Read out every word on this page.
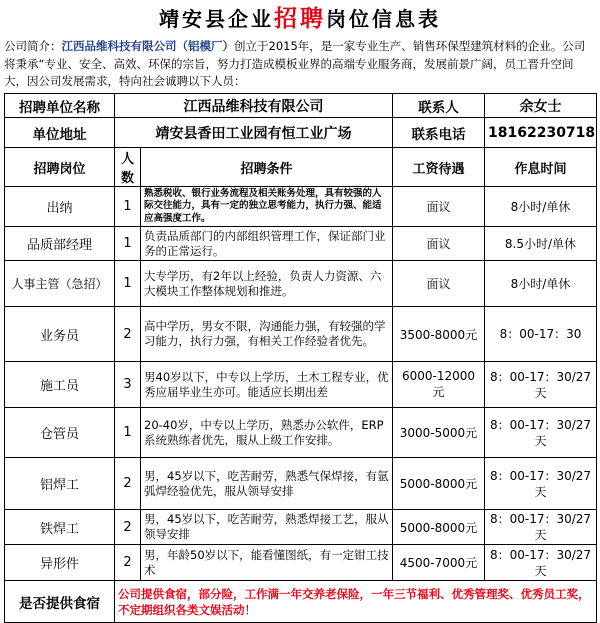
靖安县企业招聘岗位信息表
公司简介：江西品维科技有限公司（铝模厂）创立于2015年，是一家专业生产、销售环保型建筑材料的企业。公司将秉承“专业、安全、高效、环保的宗旨，努力打造成模板业界的高端专业服务商，发展前景广阔，员工晋升空间大，因公司发展需求，特向社会诚聘以下人员：
招聘单位名称	江西品维科技有限公司		联系人	余女士
单位地址	靖安县香田工业园有恒工业广场		联系电话	18162230718
招聘岗位	人数	招聘条件	工资待遇	作息时间
出纳	1	熟悉税收、银行业务流程及相关账务处理，具有较强的人际交往能力，具有一定的独立思考能力，执行力强、能适应高强度工作。	面议	8小时/单休
品质部经理	1	负责品质部门的内部组织管理工作，保证部门业务的正常运行。	面议	8.5小时/单休
人事主管（急招）	1	大专学历，有2年以上经验，负责人力资源、六大模块工作整体规划和推进。	面议	8小时/单休
业务员	2	高中学历，男女不限，沟通能力强，有较强的学习能力，执行力强，有相关工作经验者优先。	3500-8000元	8：00-17：30
施工员	3	男40岁以下，中专以上学历，土木工程专业，优秀应届毕业生亦可。能适应长期出差	6000-12000元	8：00-17：30/27天
仓管员	1	20-40岁，中专以上学历，熟悉办公软件，ERP系统熟练者优先，服从上级工作安排。	3000-5000元	8：00-17：30/27天
铝焊工	2	男，45岁以下，吃苦耐劳，熟悉气保焊接，有氩弧焊经验优先，服从领导安排	5000-8000元	8：00-17：30/27天
铁焊工	2	男，45岁以下，吃苦耐劳，熟悉焊接工艺，服从领导安排	5000-8000元	8：00-17：30/27天
异形件	2	男，年龄50岁以下，能看懂图纸，有一定钳工技术	4500-7000元	8：00-17：30/27天
是否提供食宿	公司提供食宿，部分险，工作满一年交养老保险，一年三节福利、优秀管理奖、优秀员工奖，不定期组织各类文娱活动！			
